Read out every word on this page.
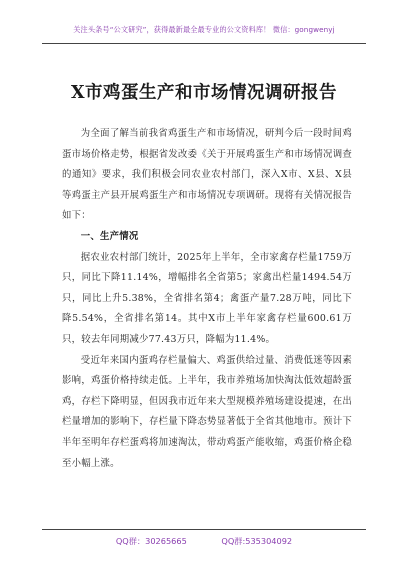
关注头条号“公文研究”，获得最新最全最专业的公文资料库！ 微信：gongwenyj
X市鸡蛋生产和市场情况调研报告

为全面了解当前我省鸡蛋生产和市场情况，研判今后一段时间鸡蛋市场价格走势，根据省发改委《关于开展鸡蛋生产和市场情况调查的通知》要求，我们积极会同农业农村部门，深入X市、X县、X县等鸡蛋主产县开展鸡蛋生产和市场情况专项调研。现将有关情况报告如下：

一、生产情况

据农业农村部门统计，2025年上半年，全市家禽存栏量1759万只，同比下降11.14%，增幅排名全省第5；家禽出栏量1494.54万只，同比上升5.38%，全省排名第4；禽蛋产量7.28万吨，同比下降5.54%，全省排名第14。其中X市上半年家禽存栏量600.61万只，较去年同期减少77.43万只，降幅为11.4%。

受近年来国内蛋鸡存栏量偏大、鸡蛋供给过量、消费低迷等因素影响，鸡蛋价格持续走低。上半年，我市养殖场加快淘汰低效超龄蛋鸡，存栏下降明显，但因我市近年来大型规模养殖场建设提速，在出栏量增加的影响下，存栏量下降态势显著低于全省其他地市。预计下半年至明年存栏蛋鸡将加速淘汰，带动鸡蛋产能收缩，鸡蛋价格企稳至小幅上涨。

QQ群：30265665	QQ群:535304092
